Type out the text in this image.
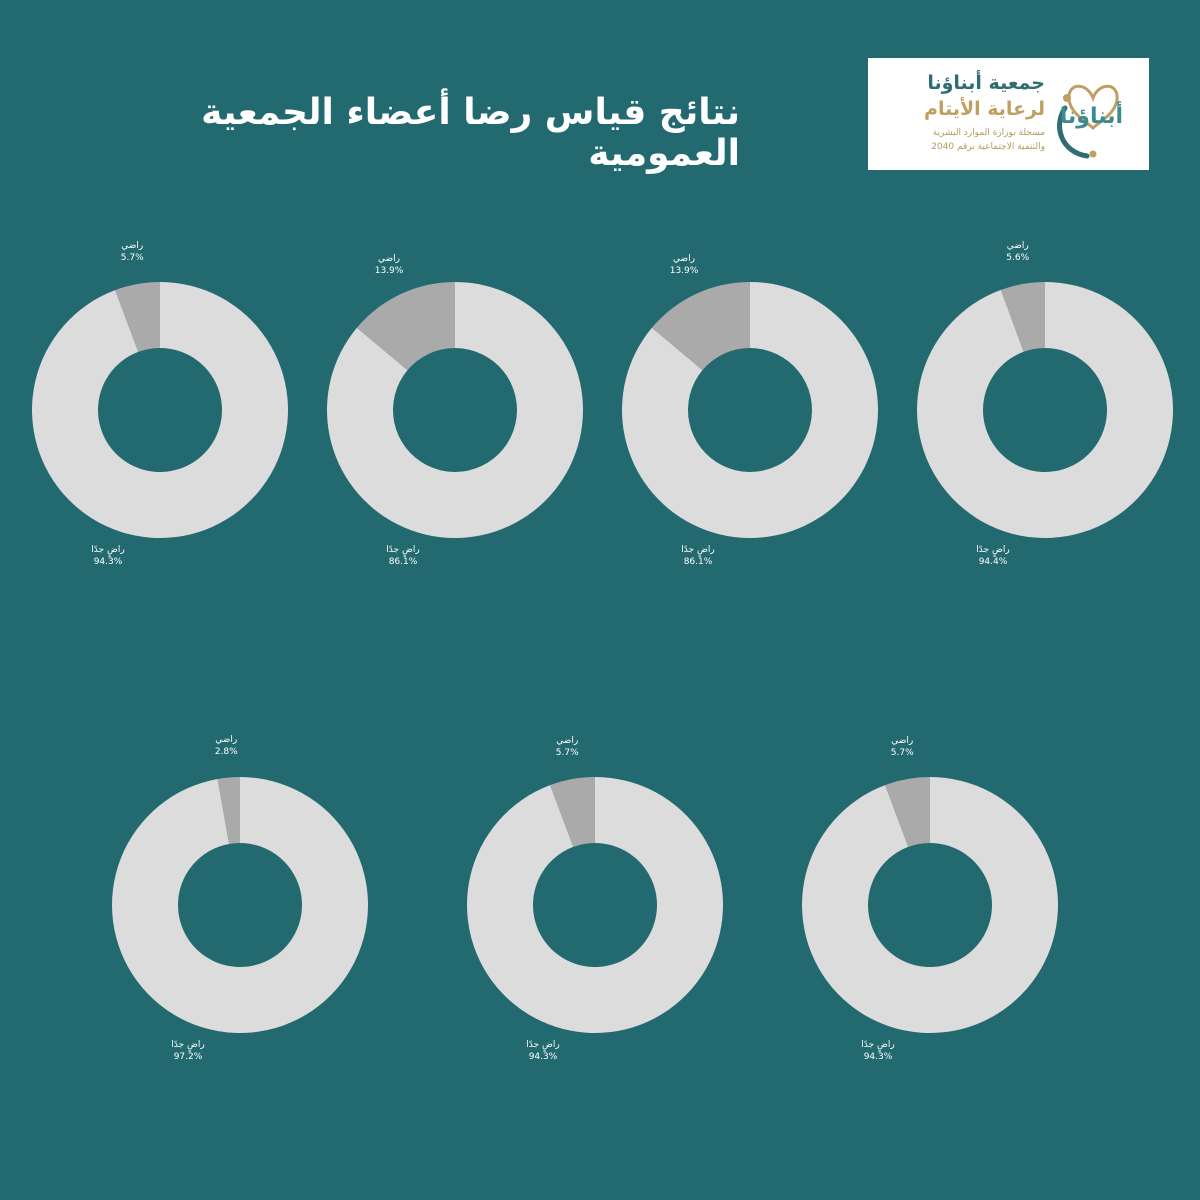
نتائج قياس رضا أعضاء الجمعية العمومية
أبناؤنا
جمعية أبناؤنا
لرعاية الأيتام
مسجلة بوزارة الموارد البشرية
والتنمية الاجتماعية برقم 2040
راضي
5.6%
راضٍ جدًا
94.4%
راضي
13.9%
راضٍ جدًا
86.1%
راضي
13.9%
راضٍ جدًا
86.1%
راضي
5.7%
راضٍ جدًا
94.3%
راضي
5.7%
راضٍ جدًا
94.3%
راضي
5.7%
راضٍ جدًا
94.3%
راضي
2.8%
راضٍ جدًا
97.2%
